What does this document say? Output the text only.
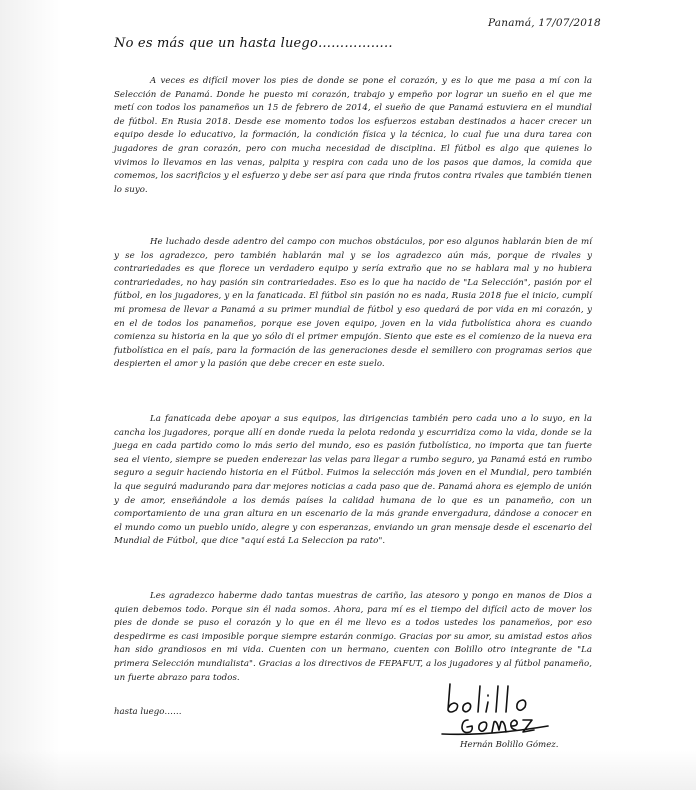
Panamá, 17/07/2018
No es más que un hasta luego……………..

A veces es difícil mover los pies de donde se pone el corazón, y es lo que me pasa a mí con la Selección de Panamá. Donde he puesto mi corazón, trabajo y empeño por lograr un sueño en el que me metí con todos los panameños un 15 de febrero de 2014, el sueño de que Panamá estuviera en el mundial de fútbol. En Rusia 2018. Desde ese momento todos los esfuerzos estaban destinados a hacer crecer un equipo desde lo educativo, la formación, la condición física y la técnica, lo cual fue una dura tarea con jugadores de gran corazón, pero con mucha necesidad de disciplina. El fútbol es algo que quienes lo vivimos lo llevamos en las venas, palpita y respira con cada uno de los pasos que damos, la comida que comemos, los sacrificios y el esfuerzo y debe ser así para que rinda frutos contra rivales que también tienen lo suyo.

He luchado desde adentro del campo con muchos obstáculos, por eso algunos hablarán bien de mí y se los agradezco, pero también hablarán mal y se los agradezco aún más, porque de rivales y contrariedades es que florece un verdadero equipo y sería extraño que no se hablara mal y no hubiera contrariedades, no hay pasión sin contrariedades. Eso es lo que ha nacido de "La Selección", pasión por el fútbol, en los jugadores, y en la fanaticada. El fútbol sin pasión no es nada, Rusia 2018 fue el inicio, cumplí mi promesa de llevar a Panamá a su primer mundial de fútbol y eso quedará de por vida en mi corazón, y en el de todos los panameños, porque ese joven equipo, joven en la vida futbolística ahora es cuando comienza su historia en la que yo sólo di el primer empujón. Siento que este es el comienzo de la nueva era futbolística en el país, para la formación de las generaciones desde el semillero con programas serios que despierten el amor y la pasión que debe crecer en este suelo.

La fanaticada debe apoyar a sus equipos, las dirigencias también pero cada uno a lo suyo, en la cancha los jugadores, porque allí en donde rueda la pelota redonda y escurridiza como la vida, donde se la juega en cada partido como lo más serio del mundo, eso es pasión futbolística, no importa que tan fuerte sea el viento, siempre se pueden enderezar las velas para llegar a rumbo seguro, ya Panamá está en rumbo seguro a seguir haciendo historia en el Fútbol. Fuimos la selección más joven en el Mundial, pero también la que seguirá madurando para dar mejores noticias a cada paso que de. Panamá ahora es ejemplo de unión y de amor, enseñándole a los demás países la calidad humana de lo que es un panameño, con un comportamiento de una gran altura en un escenario de la más grande envergadura, dándose a conocer en el mundo como un pueblo unido, alegre y con esperanzas, enviando un gran mensaje desde el escenario del Mundial de Fútbol, que dice "aquí está La Seleccion pa rato".

Les agradezco haberme dado tantas muestras de cariño, las atesoro y pongo en manos de Dios a quien debemos todo. Porque sin él nada somos. Ahora, para mí es el tiempo del difícil acto de mover los pies de donde se puso el corazón y lo que en él me llevo es a todos ustedes los panameños, por eso despedirme es casi imposible porque siempre estarán conmigo. Gracias por su amor, su amistad estos años han sido grandiosos en mi vida. Cuenten con un hermano, cuenten con Bolillo otro integrante de "La primera Selección mundialista". Gracias a los directivos de FEPAFUT, a los jugadores y al fútbol panameño, un fuerte abrazo para todos.

hasta luego……
Hernán Bolillo Gómez.
